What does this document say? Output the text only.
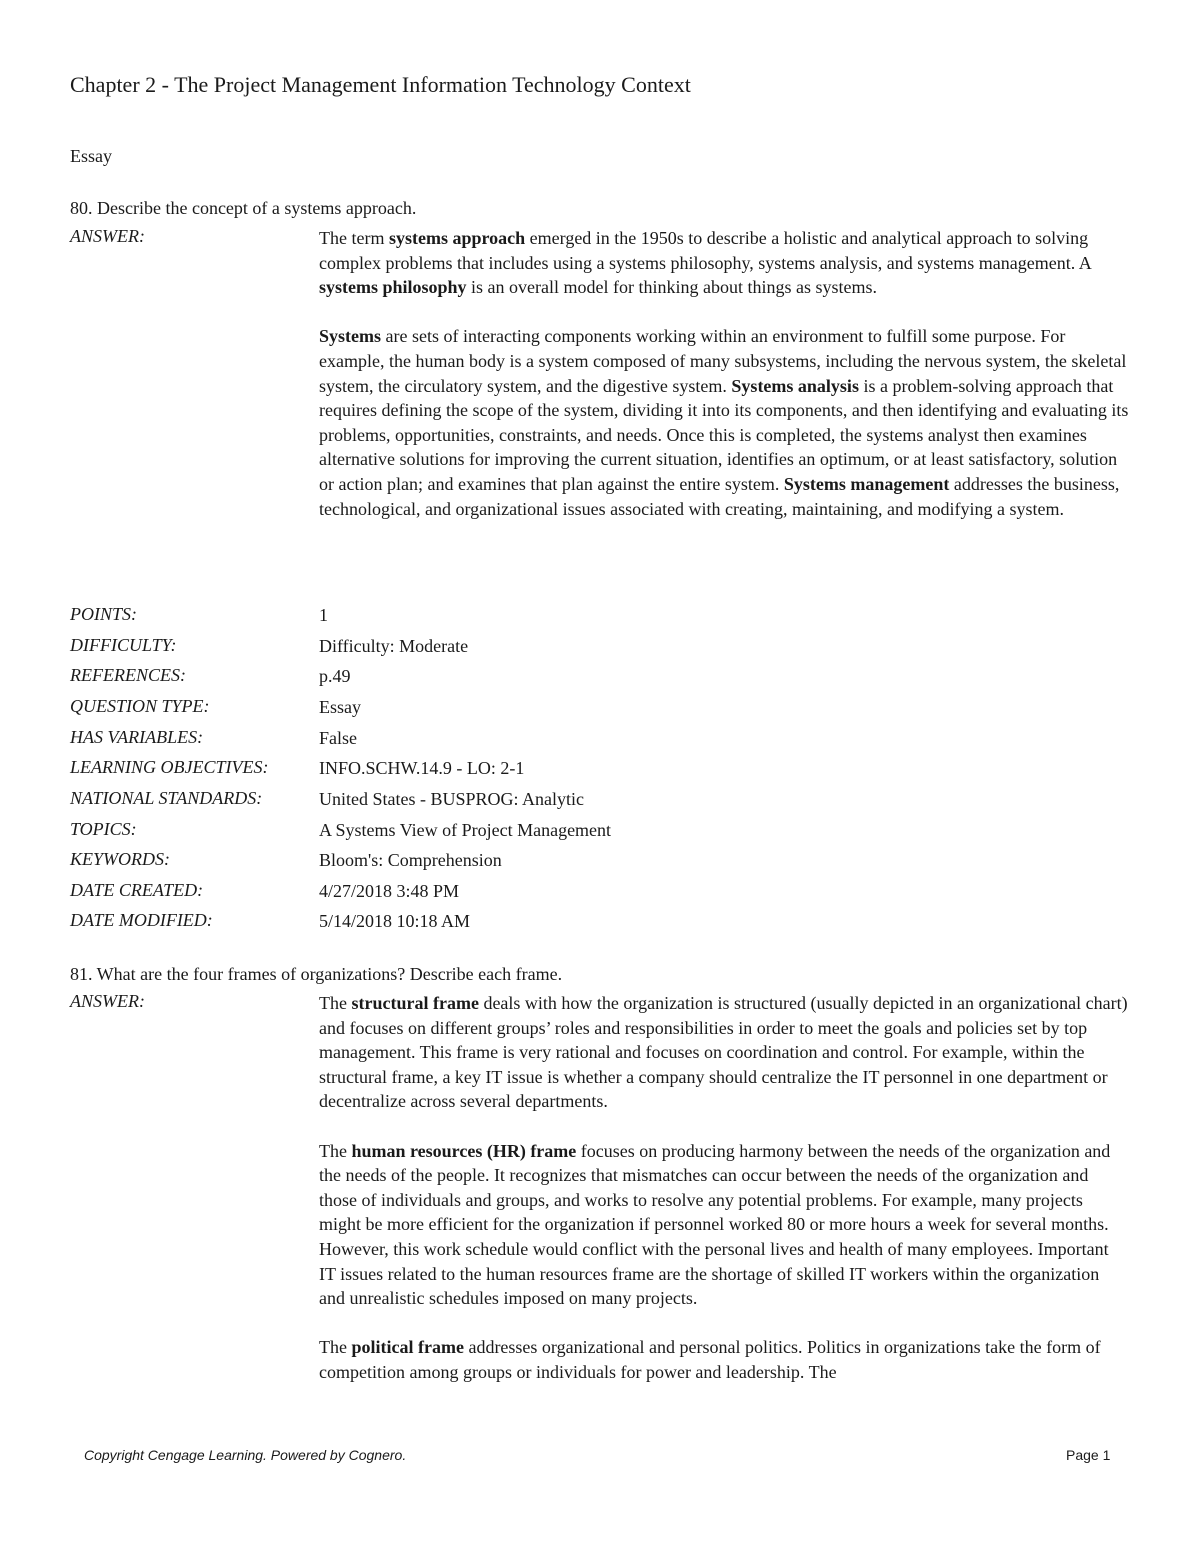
Chapter 2 - The Project Management Information Technology Context
Essay
80. Describe the concept of a systems approach.
ANSWER:	The term systems approach emerged in the 1950s to describe a holistic and analytical approach to solving complex problems that includes using a systems philosophy, systems analysis, and systems management. A systems philosophy is an overall model for thinking about things as systems.

Systems are sets of interacting components working within an environment to fulfill some purpose. For example, the human body is a system composed of many subsystems, including the nervous system, the skeletal system, the circulatory system, and the digestive system. Systems analysis is a problem-solving approach that requires defining the scope of the system, dividing it into its components, and then identifying and evaluating its problems, opportunities, constraints, and needs. Once this is completed, the systems analyst then examines alternative solutions for improving the current situation, identifies an optimum, or at least satisfactory, solution or action plan; and examines that plan against the entire system. Systems management addresses the business, technological, and organizational issues associated with creating, maintaining, and modifying a system.

POINTS:	1
DIFFICULTY:	Difficulty: Moderate
REFERENCES:	p.49
QUESTION TYPE:	Essay
HAS VARIABLES:	False
LEARNING OBJECTIVES:	INFO.SCHW.14.9 - LO: 2-1
NATIONAL STANDARDS:	United States - BUSPROG: Analytic
TOPICS:	A Systems View of Project Management
KEYWORDS:	Bloom's: Comprehension
DATE CREATED:	4/27/2018 3:48 PM
DATE MODIFIED:	5/14/2018 10:18 AM
81. What are the four frames of organizations? Describe each frame.
ANSWER:	The structural frame deals with how the organization is structured (usually depicted in an organizational chart) and focuses on different groups’ roles and responsibilities in order to meet the goals and policies set by top management. This frame is very rational and focuses on coordination and control. For example, within the structural frame, a key IT issue is whether a company should centralize the IT personnel in one department or decentralize across several departments.

The human resources (HR) frame focuses on producing harmony between the needs of the organization and the needs of the people. It recognizes that mismatches can occur between the needs of the organization and those of individuals and groups, and works to resolve any potential problems. For example, many projects might be more efficient for the organization if personnel worked 80 or more hours a week for several months. However, this work schedule would conflict with the personal lives and health of many employees. Important IT issues related to the human resources frame are the shortage of skilled IT workers within the organization and unrealistic schedules imposed on many projects.

The political frame addresses organizational and personal politics. Politics in organizations take the form of competition among groups or individuals for power and leadership. The

Copyright Cengage Learning. Powered by Cognero.	Page 1
